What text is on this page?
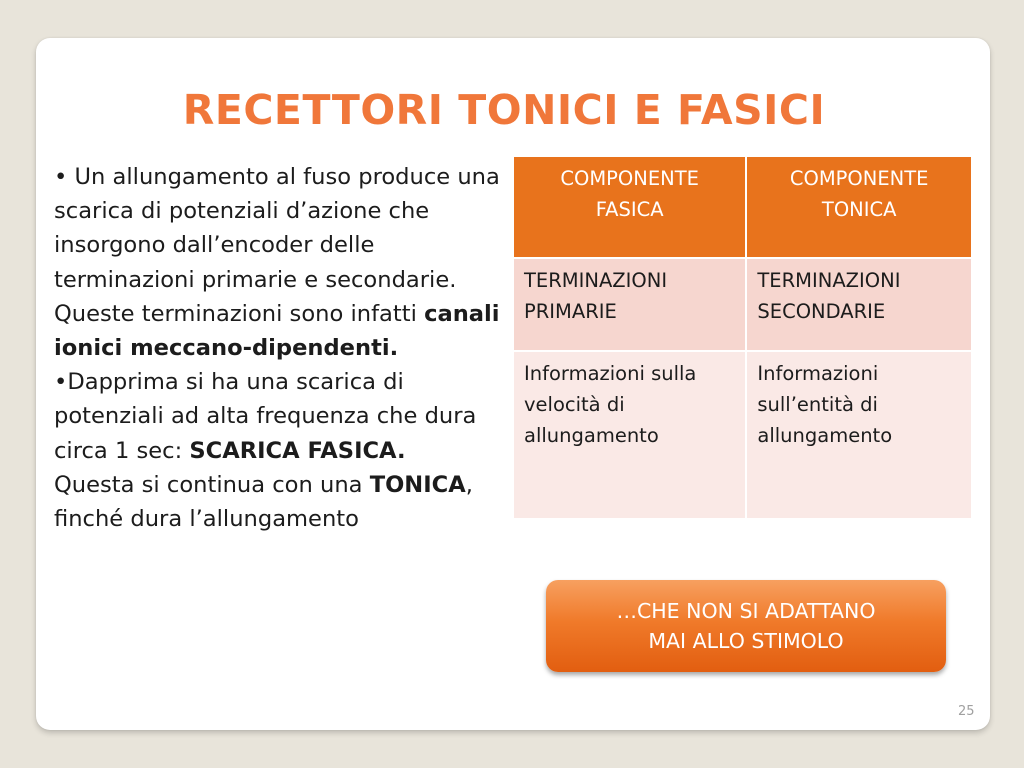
RECETTORI TONICI E FASICI

• Un allungamento al fuso produce una scarica di potenziali d’azione che insorgono dall’encoder delle terminazioni primarie e secondarie. Queste terminazioni sono infatti canali ionici meccano-dipendenti.

•Dapprima si ha una scarica di potenziali ad alta frequenza che dura circa 1 sec: SCARICA FASICA.

Questa si continua con una TONICA, finché dura l’allungamento

COMPONENTE FASICA	COMPONENTE TONICA
TERMINAZIONI PRIMARIE	TERMINAZIONI SECONDARIE
Informazioni sulla velocità di allungamento	Informazioni sull’entità di allungamento
…CHE NON SI ADATTANO
MAI ALLO STIMOLO
25
